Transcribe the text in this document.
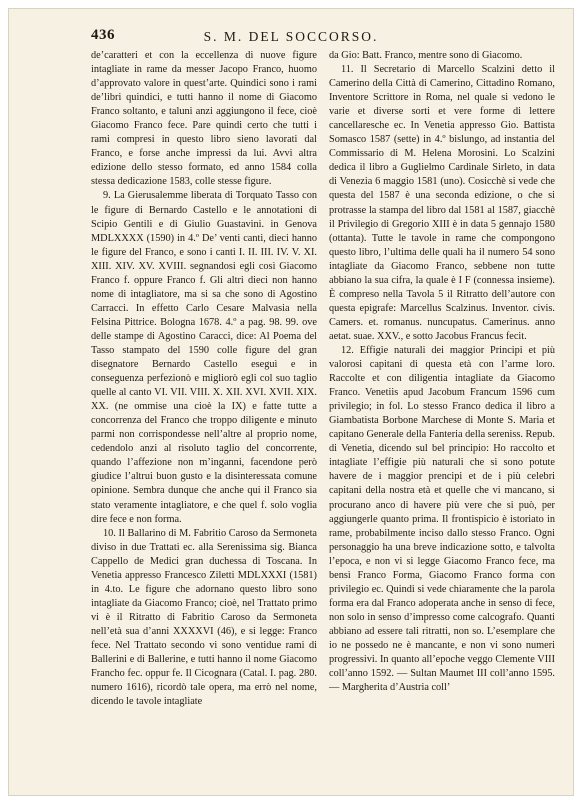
436	S. M. DEL SOCCORSO.

de’caratteri et con la eccellenza di nuove figure intagliate in rame da messer Jacopo Franco, huomo d’approvato valore in quest’arte. Quindici sono i rami de’libri quindici, e tutti hanno il nome di Giacomo Franco soltanto, e taluni anzi aggiungono il fece, cioè Giacomo Franco fece. Pare quindi certo che tutti i rami compresi in questo libro sieno lavorati dal Franco, e forse anche impressi da lui. Avvi altra edizione dello stesso formato, ed anno 1584 colla stessa dedicazione 1583, colle stesse figure.

9. La Gierusalemme liberata di Torquato Tasso con le figure di Bernardo Castello e le annotationi di Scipio Gentili e di Giulio Guastavini. in Genova MDLXXXX (1590) in 4.º De’ venti canti, dieci hanno le figure del Franco, e sono i canti I. II. III. IV. V. XI. XIII. XIV. XV. XVIII. segnandosi egli così Giacomo Franco f. oppure Franco f. Gli altri dieci non hanno nome di intagliatore, ma si sa che sono di Agostino Carracci. In effetto Carlo Cesare Malvasia nella Felsina Pittrice. Bologna 1678. 4.º a pag. 98. 99. ove delle stampe di Agostino Caracci, dice: Al Poema del Tasso stampato del 1590 colle figure del gran disegnatore Bernardo Castello eseguì e in conseguenza perfezionò e migliorò egli col suo taglio quelle al canto VI. VII. VIII. X. XII. XVI. XVII. XIX. XX. (ne ommise una cioè la IX) e fatte tutte a concorrenza del Franco che troppo diligente e minuto parmi non corrispondesse nell’altre al proprio nome, cedendolo anzi al risoluto taglio del concorrente, quando l’affezione non m’inganni, facendone però giudice l’altrui buon gusto e la disinteressata comune opinione. Sembra dunque che anche qui il Franco sia stato veramente intagliatore, e che quel f. solo voglia dire fece e non forma.

10. Il Ballarino di M. Fabritio Caroso da Sermoneta diviso in due Trattati ec. alla Serenissima sig. Bianca Cappello de Medici gran duchessa di Toscana. In Venetia appresso Francesco Ziletti MDLXXXI (1581) in 4.to. Le figure che adornano questo libro sono intagliate da Giacomo Franco; cioè, nel Trattato primo vi è il Ritratto di Fabritio Caroso da Sermoneta nell’età sua d’anni XXXXVI (46), e si legge: Franco fece. Nel Trattato secondo vi sono ventidue rami di Ballerini e di Ballerine, e tutti hanno il nome Giacomo Francho fec. oppur fe. Il Cicognara (Catal. I. pag. 280. numero 1616), ricordò tale opera, ma errò nel nome, dicendo le tavole intagliate

da Gio: Batt. Franco, mentre sono di Giacomo.

11. Il Secretario di Marcello Scalzini detto il Camerino della Città di Camerino, Cittadino Romano, Inventore Scrittore in Roma, nel quale si vedono le varie et diverse sorti et vere forme di lettere cancellaresche ec. In Venetia appresso Gio. Battista Somasco 1587 (sette) in 4.º bislungo, ad instantia del Commissario di M. Helena Morosini. Lo Scalzini dedica il libro a Guglielmo Cardinale Sirleto, in data di Venezia 6 maggio 1581 (uno). Cosicchè si vede che questa del 1587 è una seconda edizione, o che si protrasse la stampa del libro dal 1581 al 1587, giacchè il Privilegio di Gregorio XIII è in data 5 gennajo 1580 (ottanta). Tutte le tavole in rame che compongono questo libro, l’ultima delle quali ha il numero 54 sono intagliate da Giacomo Franco, sebbene non tutte abbiano la sua cifra, la quale è I F (connessa insieme). È compreso nella Tavola 5 il Ritratto dell’autore con questa epigrafe: Marcellus Scalzinus. Inventor. civis. Camers. et. romanus. nuncupatus. Camerinus. anno aetat. suae. XXV., e sotto Jacobus Francus fecit.

12. Effigie naturali dei maggior Principi et più valorosi capitani di questa età con l’arme loro. Raccolte et con diligentia intagliate da Giacomo Franco. Venetiis apud Jacobum Francum 1596 cum privilegio; in fol. Lo stesso Franco dedica il libro a Giambatista Borbone Marchese di Monte S. Maria et capitano Generale della Fanteria della sereniss. Repub. di Venetia, dicendo sul bel principio: Ho raccolto et intagliate l’effigie più naturali che si sono potute havere de i maggior prencipi et de i più celebri capitani della nostra età et quelle che vi mancano, si procurano anco di havere più vere che si può, per aggiungerle quanto prima. Il frontispicio è istoriato in rame, probabilmente inciso dallo stesso Franco. Ogni personaggio ha una breve indicazione sotto, e talvolta l’epoca, e non vi si legge Giacomo Franco fece, ma bensì Franco Forma, Giacomo Franco forma con privilegio ec. Quindi si vede chiaramente che la parola forma era dal Franco adoperata anche in senso di fece, non solo in senso d’impresso come calcografo. Quanti abbiano ad essere tali ritratti, non so. L’esemplare che io ne possedo ne è mancante, e non vi sono numeri progressivi. In quanto all’epoche veggo Clemente VIII coll’anno 1592. — Sultan Maumet III coll’anno 1595. — Margherita d’Austria coll’
